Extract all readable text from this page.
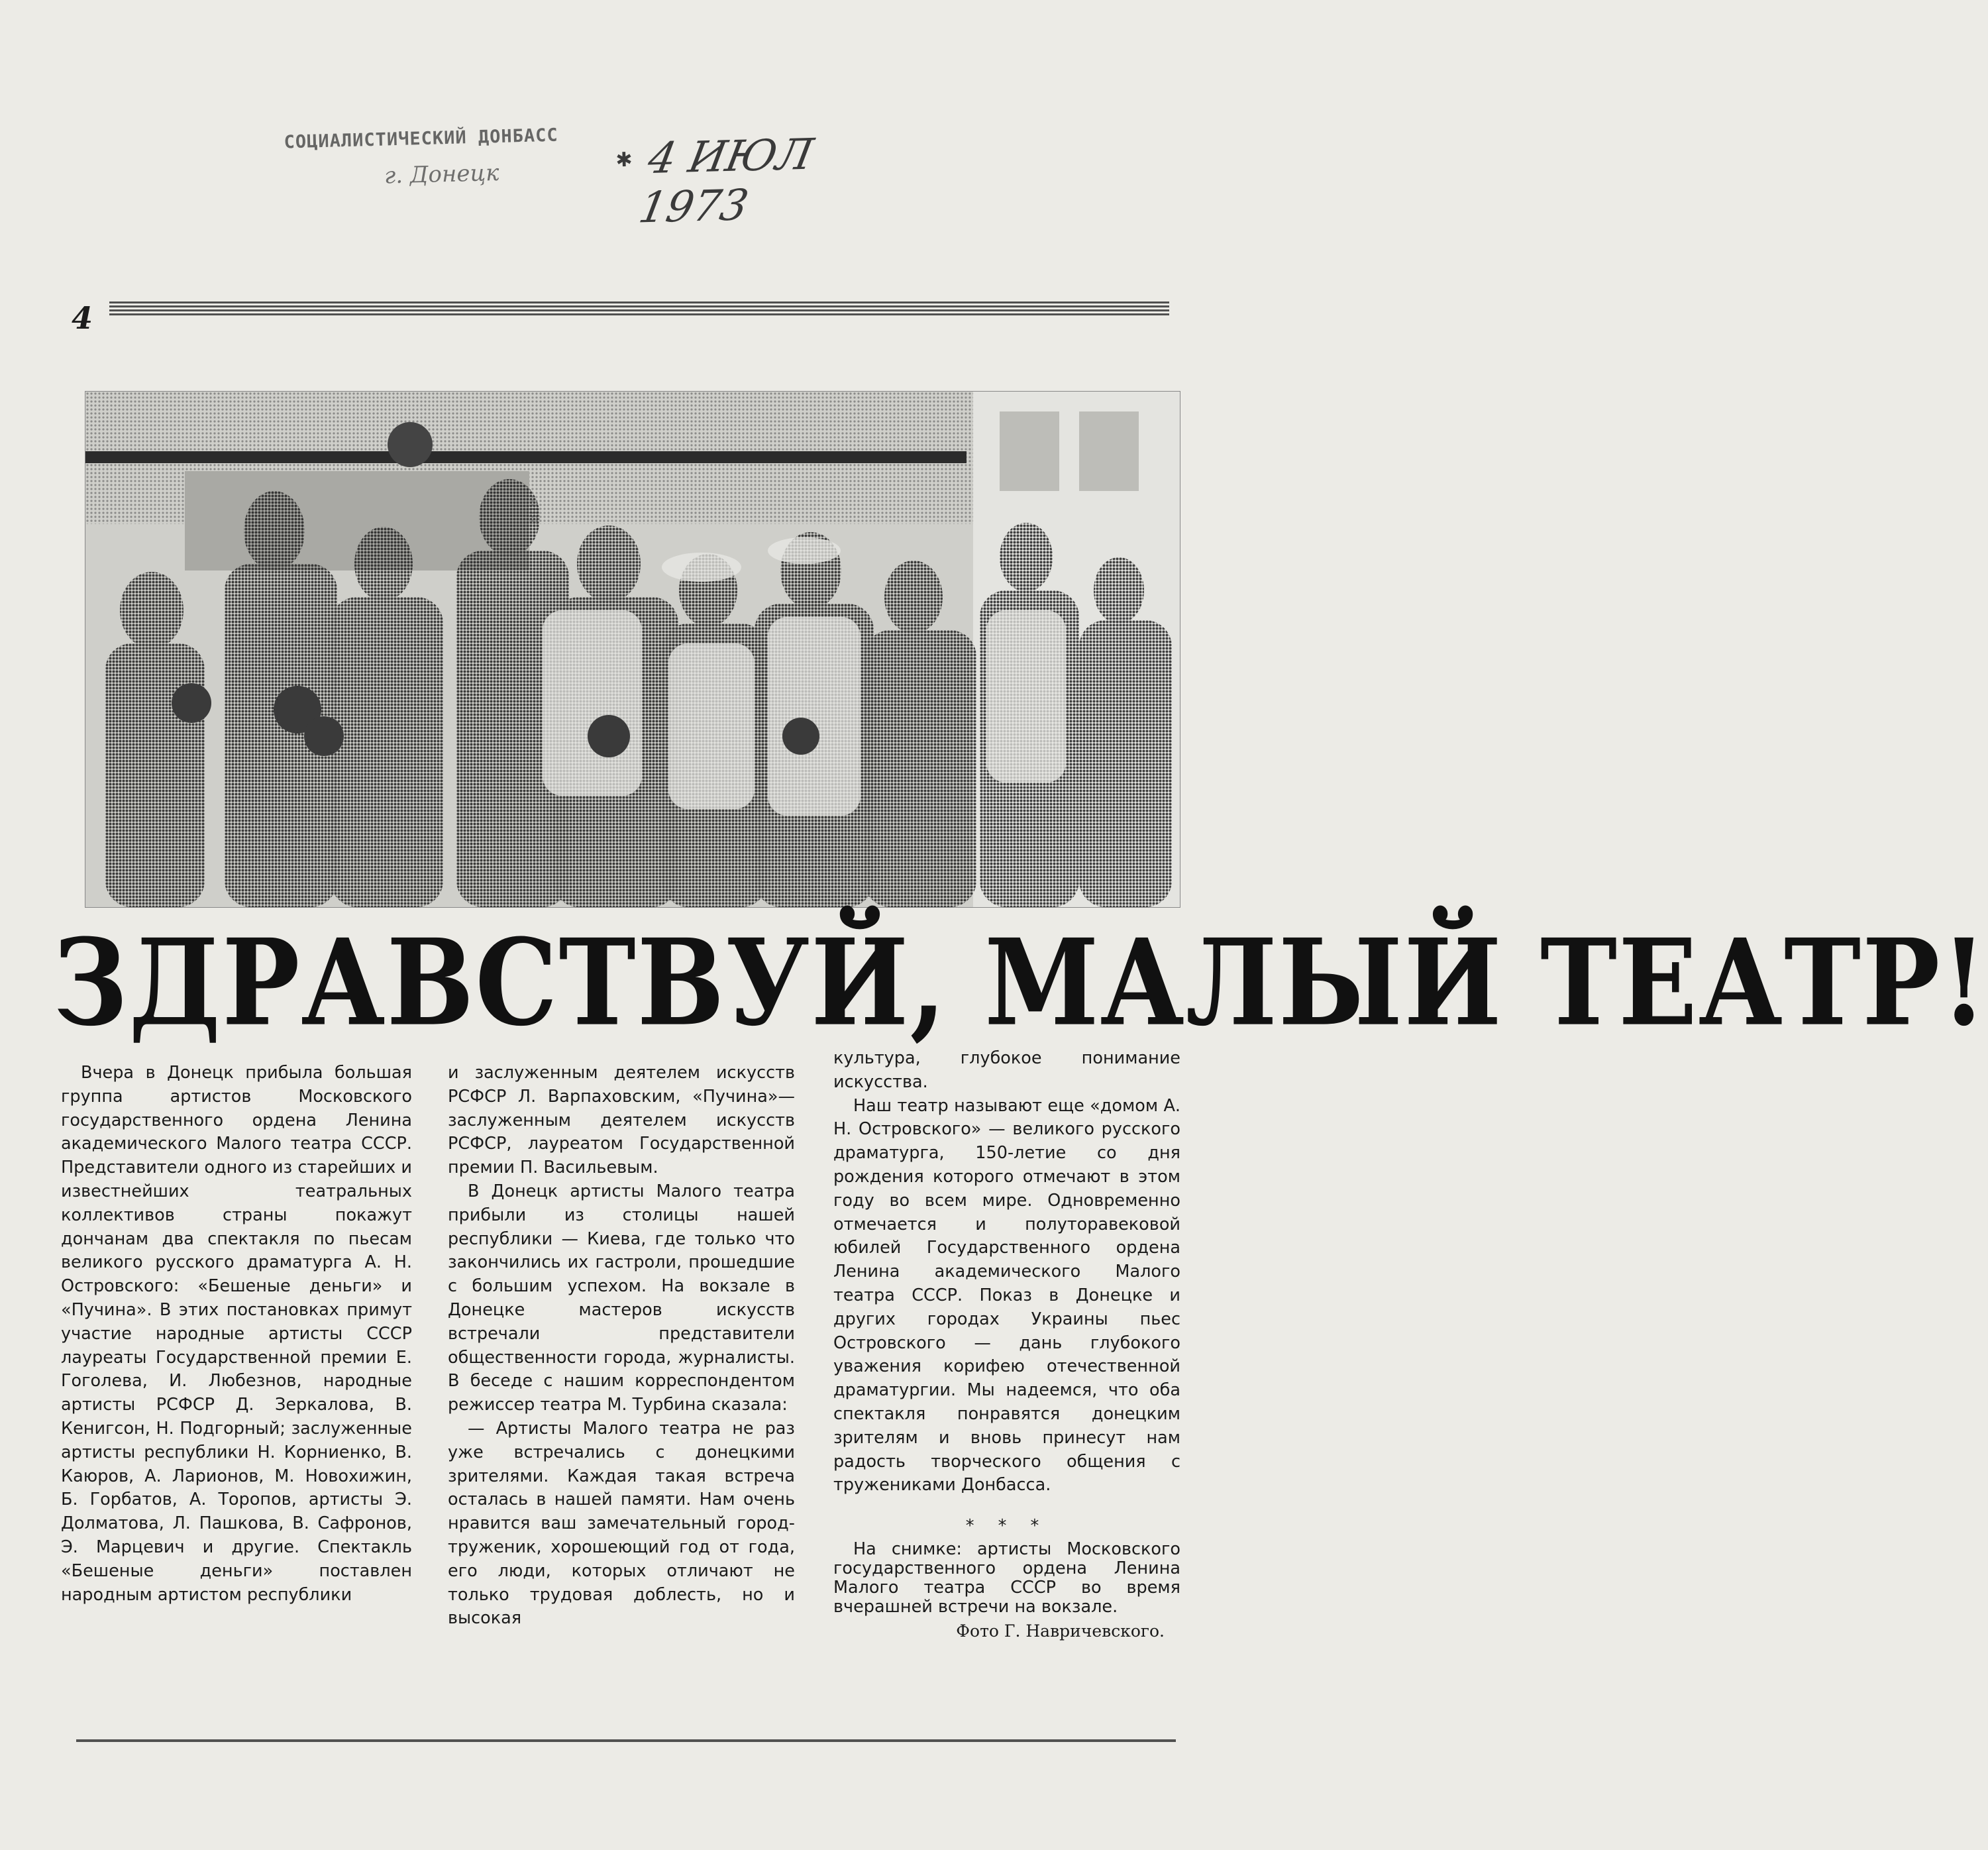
СОЦИАЛИСТИЧЕСКИЙ ДОНБАСС
г. Донецк	✱ 4 ИЮЛ 1973
4
ЗДРАВСТВУЙ, МАЛЫЙ ТЕАТР!

Вчера в Донецк прибыла большая группа артистов Московского государственного ордена Ленина академического Малого театра СССР. Представители одного из старейших и известнейших театральных коллективов страны покажут дончанам два спектакля по пьесам великого русского драматурга А. Н. Островского: «Бешеные деньги» и «Пучина». В этих постановках примут участие народные артисты СССР лауреаты Государственной премии Е. Гоголева, И. Любезнов, народные артисты РСФСР Д. Зеркалова, В. Кенигсон, Н. Подгорный; заслуженные артисты республики Н. Корниенко, В. Каюров, А. Ларионов, М. Новохижин, Б. Горбатов, А. Торопов, артисты Э. Долматова, Л. Пашкова, В. Сафронов, Э. Марцевич и другие. Спектакль «Бешеные деньги» поставлен народным артистом республики

и заслуженным деятелем искусств РСФСР Л. Варпаховским, «Пучина»—заслуженным деятелем искусств РСФСР, лауреатом Государственной премии П. Васильевым.

В Донецк артисты Малого театра прибыли из столицы нашей республики — Киева, где только что закончились их гастроли, прошедшие с большим успехом. На вокзале в Донецке мастеров искусств встречали представители общественности города, журналисты. В беседе с нашим корреспондентом режиссер театра М. Турбина сказала:

— Артисты Малого театра не раз уже встречались с донецкими зрителями. Каждая такая встреча осталась в нашей памяти. Нам очень нравится ваш замечательный город-труженик, хорошеющий год от года, его люди, которых отличают не только трудовая доблесть, но и высокая

культура, глубокое понимание искусства.

Наш театр называют еще «домом А. Н. Островского» — великого русского драматурга, 150-летие со дня рождения которого отмечают в этом году во всем мире. Одновременно отмечается и полуторавековой юбилей Государственного ордена Ленина академического Малого театра СССР. Показ в Донецке и других городах Украины пьес Островского — дань глубокого уважения корифею отечественной драматургии. Мы надеемся, что оба спектакля понравятся донецким зрителям и вновь принесут нам радость творческого общения с тружениками Донбасса.

* * *

На снимке: артисты Московского государственного ордена Ленина Малого театра СССР во время вчерашней встречи на вокзале.

Фото Г. Навричевского.
